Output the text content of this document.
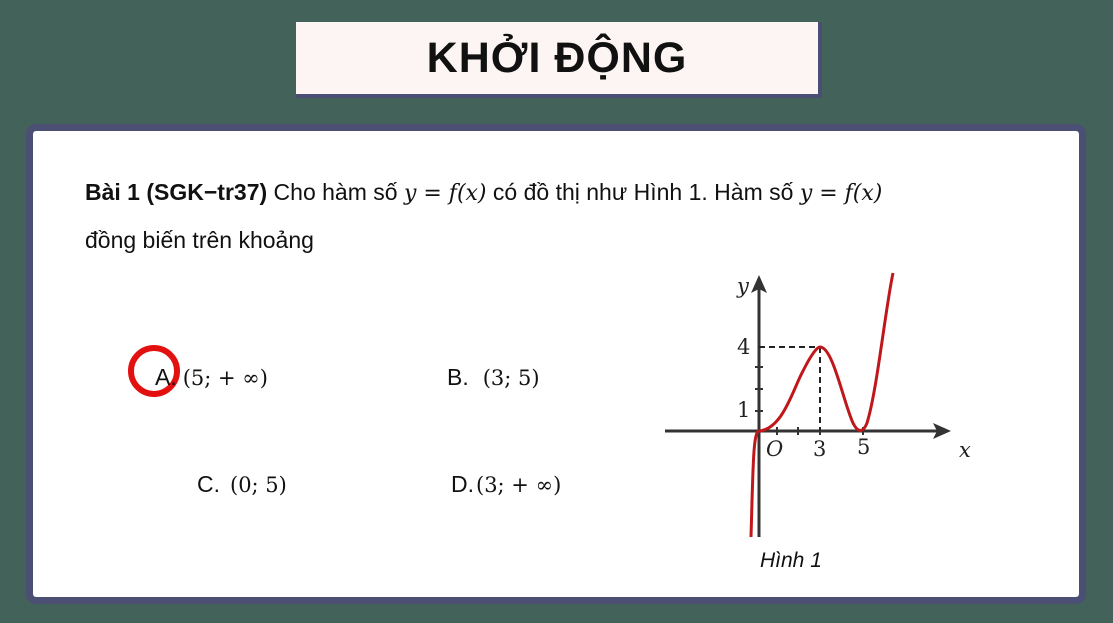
KHỞI ĐỘNG
Bài 1 (SGK−tr37) Cho hàm số y = f(x) có đồ thị như Hình 1. Hàm số y = f(x)
đồng biến trên khoảng
A. (5; + ∞)	B. (3; 5)
C. (0; 5)	D.(3; + ∞)
y
x
O 3 5
1
4
Hình 1
